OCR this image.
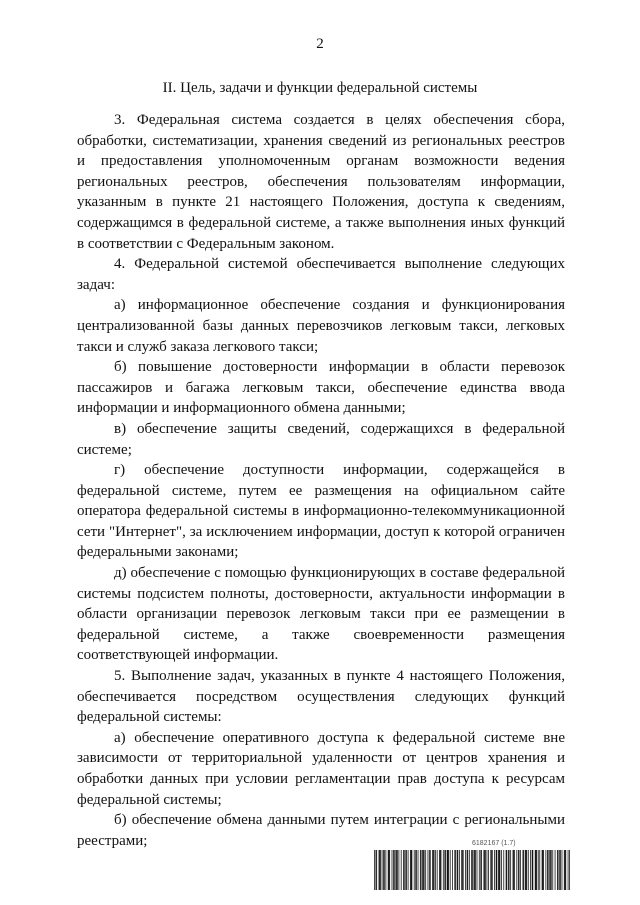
2
II. Цель, задачи и функции федеральной системы

3. Федеральная система создается в целях обеспечения сбора, обработки, систематизации, хранения сведений из региональных реестров и предоставления уполномоченным органам возможности ведения региональных реестров, обеспечения пользователям информации, указанным в пункте 21 настоящего Положения, доступа к сведениям, содержащимся в федеральной системе, а также выполнения иных функций в соответствии с Федеральным законом.

4. Федеральной системой обеспечивается выполнение следующих задач:

а) информационное обеспечение создания и функционирования централизованной базы данных перевозчиков легковым такси, легковых такси и служб заказа легкового такси;

б) повышение достоверности информации в области перевозок пассажиров и багажа легковым такси, обеспечение единства ввода информации и информационного обмена данными;

в) обеспечение защиты сведений, содержащихся в федеральной системе;

г) обеспечение доступности информации, содержащейся в федеральной системе, путем ее размещения на официальном сайте оператора федеральной системы в информационно-телекоммуникационной сети "Интернет", за исключением информации, доступ к которой ограничен федеральными законами;

д) обеспечение с помощью функционирующих в составе федеральной системы подсистем полноты, достоверности, актуальности информации в области организации перевозок легковым такси при ее размещении в федеральной системе, а также своевременности размещения соответствующей информации.

5. Выполнение задач, указанных в пункте 4 настоящего Положения, обеспечивается посредством осуществления следующих функций федеральной системы:

а) обеспечение оперативного доступа к федеральной системе вне зависимости от территориальной удаленности от центров хранения и обработки данных при условии регламентации прав доступа к ресурсам федеральной системы;

б) обеспечение обмена данными путем интеграции с региональными реестрами;	6182167 (1.7)
